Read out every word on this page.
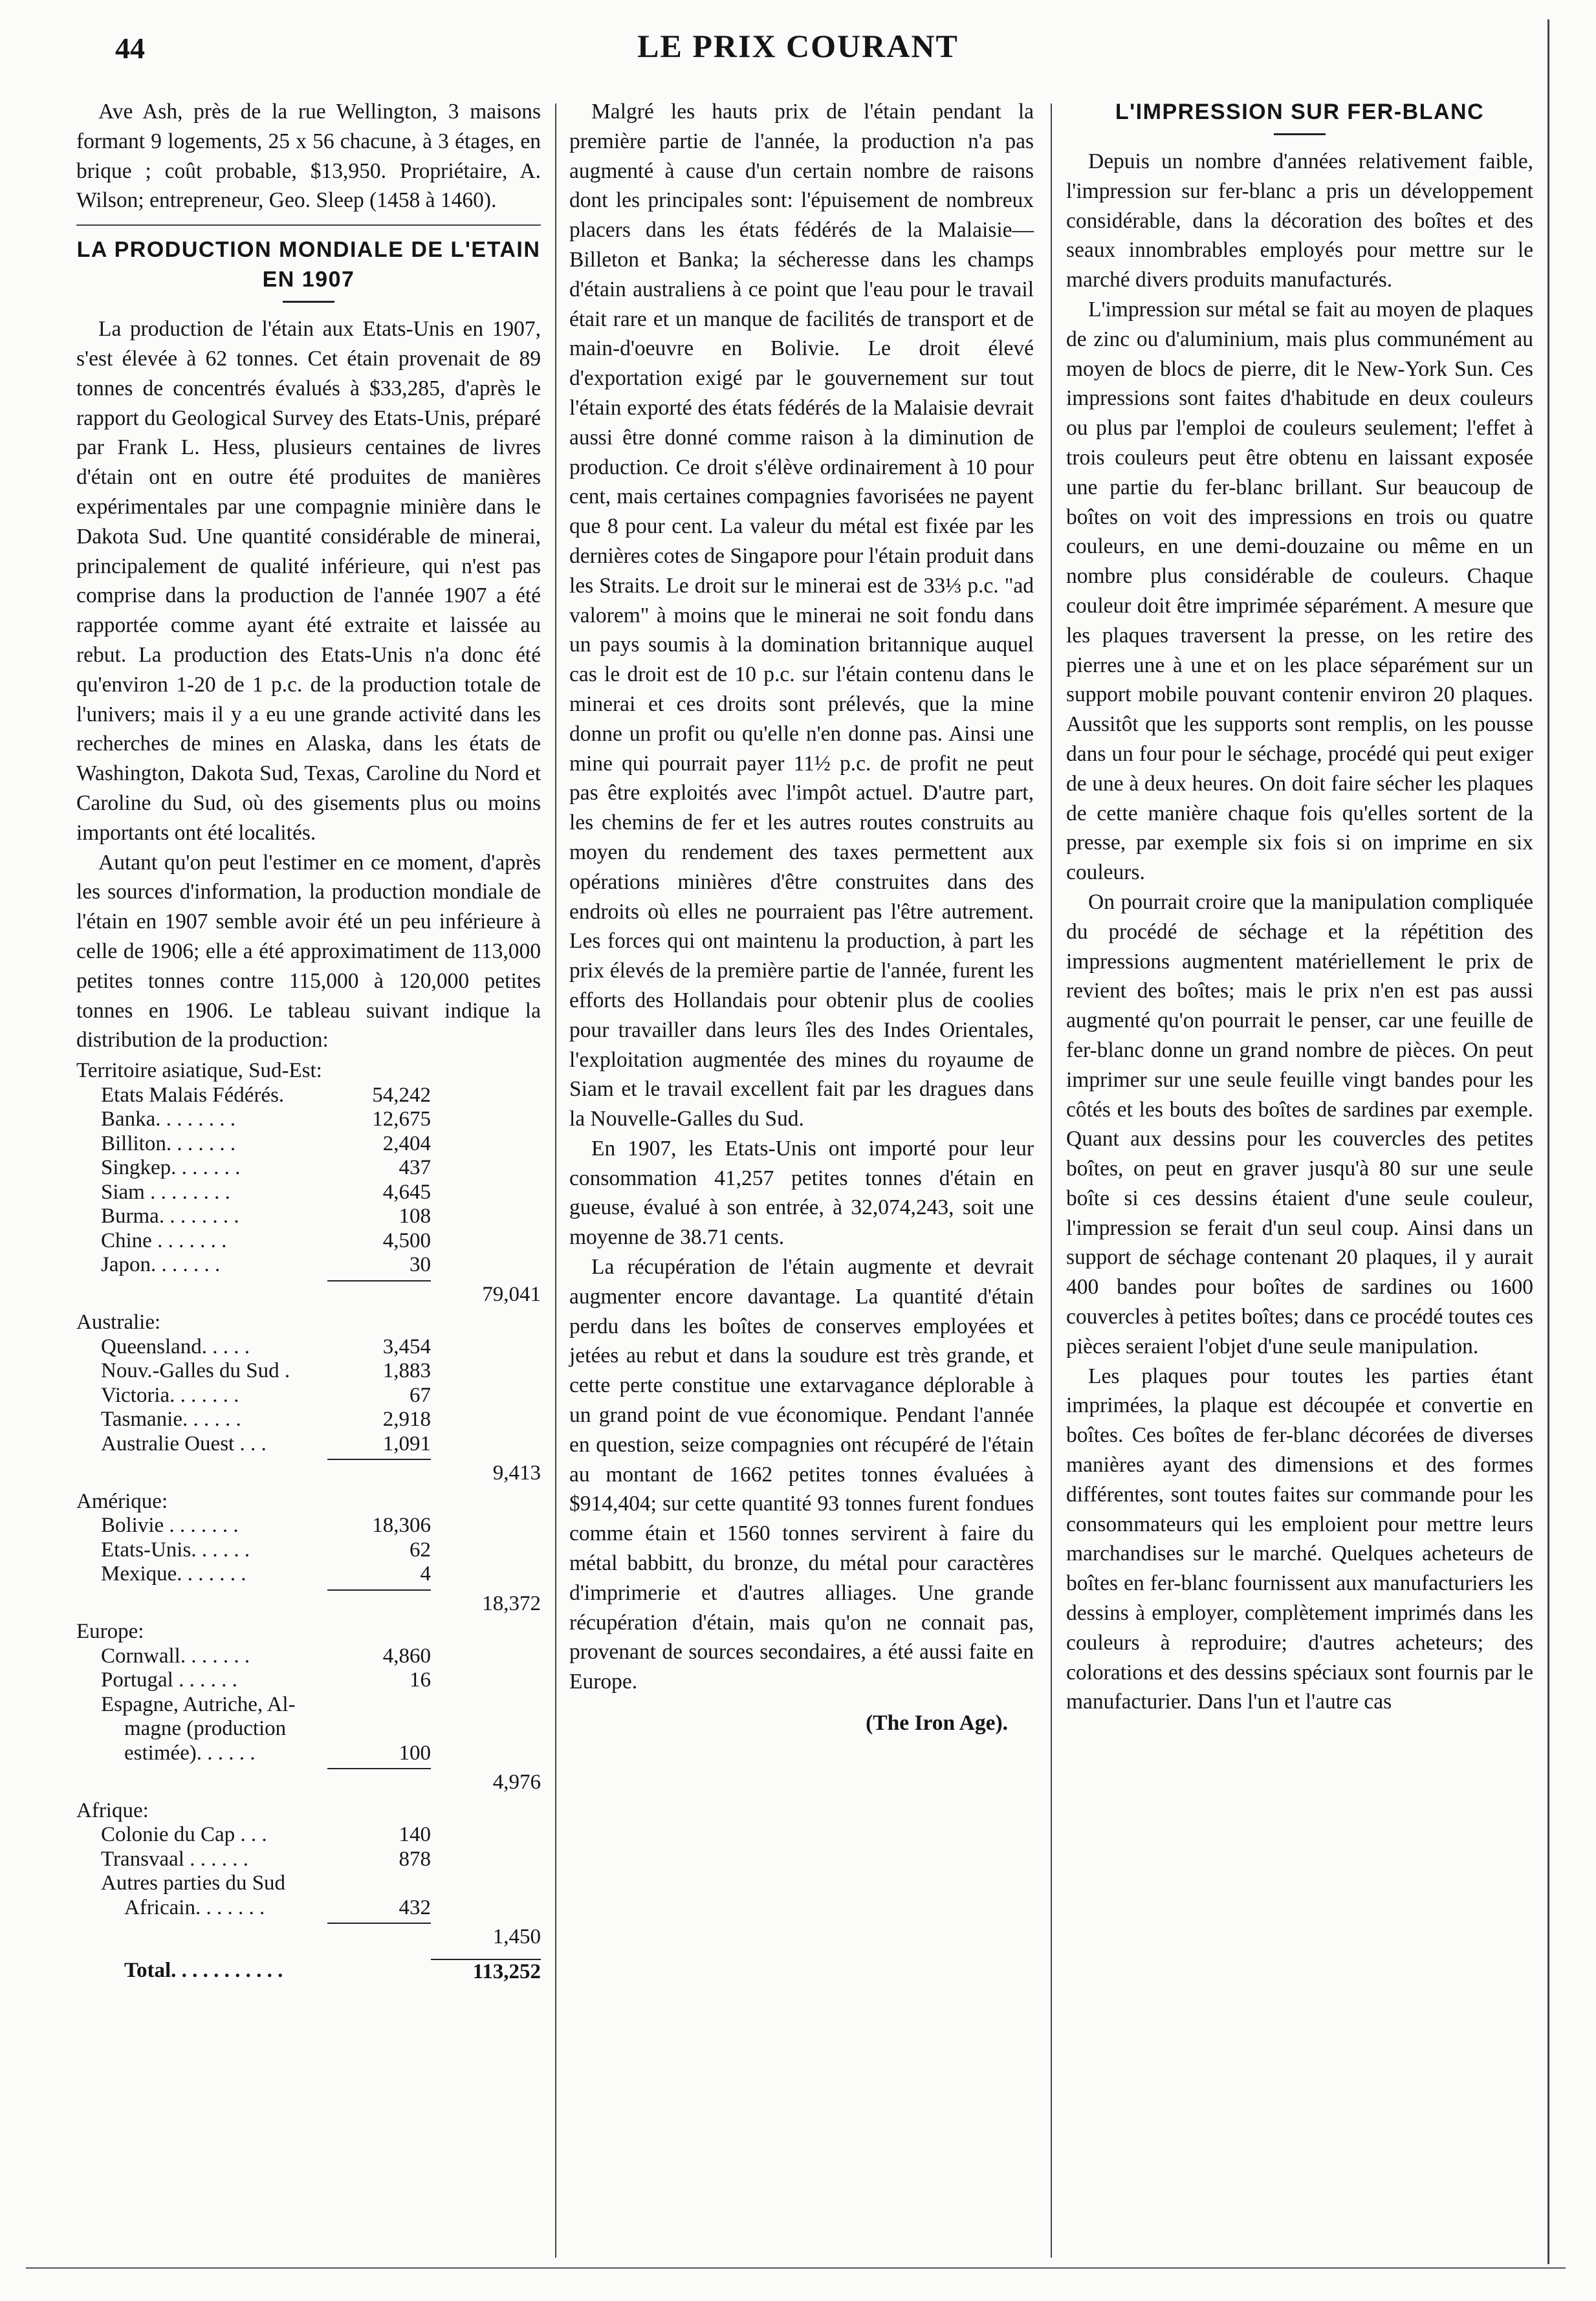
44	LE PRIX COURANT

Ave Ash, près de la rue Wellington, 3 maisons formant 9 logements, 25 x 56 chacune, à 3 étages, en brique ; coût probable, $13,950. Propriétaire, A. Wilson; entrepreneur, Geo. Sleep (1458 à 1460).

LA PRODUCTION MONDIALE DE L'ETAIN EN 1907

La production de l'étain aux Etats-Unis en 1907, s'est élevée à 62 tonnes. Cet étain provenait de 89 tonnes de concentrés évalués à $33,285, d'après le rapport du Geological Survey des Etats-Unis, préparé par Frank L. Hess, plusieurs centaines de livres d'étain ont en outre été produites de manières expérimentales par une compagnie minière dans le Dakota Sud. Une quantité considérable de minerai, principalement de qualité inférieure, qui n'est pas comprise dans la production de l'année 1907 a été rapportée comme ayant été extraite et laissée au rebut. La production des Etats-Unis n'a donc été qu'environ 1-20 de 1 p.c. de la production totale de l'univers; mais il y a eu une grande activité dans les recherches de mines en Alaska, dans les états de Washington, Dakota Sud, Texas, Caroline du Nord et Caroline du Sud, où des gisements plus ou moins importants ont été localités.

Autant qu'on peut l'estimer en ce moment, d'après les sources d'information, la production mondiale de l'étain en 1907 semble avoir été un peu inférieure à celle de 1906; elle a été approximatiment de 113,000 petites tonnes contre 115,000 à 120,000 petites tonnes en 1906. Le tableau suivant indique la distribution de la production:

Territoire asiatique, Sud-Est:
Etats Malais Fédérés.	54,242
Banka. . . . . . . .	12,675
Billiton. . . . . . .	2,404
Singkep. . . . . . .	437
Siam . . . . . . . .	4,645
Burma. . . . . . . .	108
Chine . . . . . . .	4,500
Japon. . . . . . .	30
79,041
Australie:
Queensland. . . . .	3,454
Nouv.-Galles du Sud .	1,883
Victoria. . . . . . .	67
Tasmanie. . . . . .	2,918
Australie Ouest . . .	1,091
9,413
Amérique:
Bolivie . . . . . . .	18,306
Etats-Unis. . . . . .	62
Mexique. . . . . . .	4
18,372
Europe:
Cornwall. . . . . . .	4,860
Portugal . . . . . .	16
Espagne, Autriche, Al-
magne (production
estimée). . . . . .	100
4,976
Afrique:
Colonie du Cap . . .	140
Transvaal . . . . . .	878
Autres parties du Sud
Africain. . . . . . .	432
1,450
Total. . . . . . . . . . .	113,252

Malgré les hauts prix de l'étain pendant la première partie de l'année, la production n'a pas augmenté à cause d'un certain nombre de raisons dont les principales sont: l'épuisement de nombreux placers dans les états fédérés de la Malaisie—Billeton et Banka; la sécheresse dans les champs d'étain australiens à ce point que l'eau pour le travail était rare et un manque de facilités de transport et de main-d'oeuvre en Bolivie. Le droit élevé d'exportation exigé par le gouvernement sur tout l'étain exporté des états fédérés de la Malaisie devrait aussi être donné comme raison à la diminution de production. Ce droit s'élève ordinairement à 10 pour cent, mais certaines compagnies favorisées ne payent que 8 pour cent. La valeur du métal est fixée par les dernières cotes de Singapore pour l'étain produit dans les Straits. Le droit sur le minerai est de 33⅓ p.c. "ad valorem" à moins que le minerai ne soit fondu dans un pays soumis à la domination britannique auquel cas le droit est de 10 p.c. sur l'étain contenu dans le minerai et ces droits sont prélevés, que la mine donne un profit ou qu'elle n'en donne pas. Ainsi une mine qui pourrait payer 11½ p.c. de profit ne peut pas être exploités avec l'impôt actuel. D'autre part, les chemins de fer et les autres routes construits au moyen du rendement des taxes permettent aux opérations minières d'être construites dans des endroits où elles ne pourraient pas l'être autrement. Les forces qui ont maintenu la production, à part les prix élevés de la première partie de l'année, furent les efforts des Hollandais pour obtenir plus de coolies pour travailler dans leurs îles des Indes Orientales, l'exploitation augmentée des mines du royaume de Siam et le travail excellent fait par les dragues dans la Nouvelle-Galles du Sud.

En 1907, les Etats-Unis ont importé pour leur consommation 41,257 petites tonnes d'étain en gueuse, évalué à son entrée, à 32,074,243, soit une moyenne de 38.71 cents.

La récupération de l'étain augmente et devrait augmenter encore davantage. La quantité d'étain perdu dans les boîtes de conserves employées et jetées au rebut et dans la soudure est très grande, et cette perte constitue une extarvagance déplorable à un grand point de vue économique. Pendant l'année en question, seize compagnies ont récupéré de l'étain au montant de 1662 petites tonnes évaluées à $914,404; sur cette quantité 93 tonnes furent fondues comme étain et 1560 tonnes servirent à faire du métal babbitt, du bronze, du métal pour caractères d'imprimerie et d'autres alliages. Une grande récupération d'étain, mais qu'on ne connait pas, provenant de sources secondaires, a été aussi faite en Europe.

(The Iron Age).
L'IMPRESSION SUR FER-BLANC

Depuis un nombre d'années relativement faible, l'impression sur fer-blanc a pris un développement considérable, dans la décoration des boîtes et des seaux innombrables employés pour mettre sur le marché divers produits manufacturés.

L'impression sur métal se fait au moyen de plaques de zinc ou d'aluminium, mais plus communément au moyen de blocs de pierre, dit le New-York Sun. Ces impressions sont faites d'habitude en deux couleurs ou plus par l'emploi de couleurs seulement; l'effet à trois couleurs peut être obtenu en laissant exposée une partie du fer-blanc brillant. Sur beaucoup de boîtes on voit des impressions en trois ou quatre couleurs, en une demi-douzaine ou même en un nombre plus considérable de couleurs. Chaque couleur doit être imprimée séparément. A mesure que les plaques traversent la presse, on les retire des pierres une à une et on les place séparément sur un support mobile pouvant contenir environ 20 plaques. Aussitôt que les supports sont remplis, on les pousse dans un four pour le séchage, procédé qui peut exiger de une à deux heures. On doit faire sécher les plaques de cette manière chaque fois qu'elles sortent de la presse, par exemple six fois si on imprime en six couleurs.

On pourrait croire que la manipulation compliquée du procédé de séchage et la répétition des impressions augmentent matériellement le prix de revient des boîtes; mais le prix n'en est pas aussi augmenté qu'on pourrait le penser, car une feuille de fer-blanc donne un grand nombre de pièces. On peut imprimer sur une seule feuille vingt bandes pour les côtés et les bouts des boîtes de sardines par exemple. Quant aux dessins pour les couvercles des petites boîtes, on peut en graver jusqu'à 80 sur une seule boîte si ces dessins étaient d'une seule couleur, l'impression se ferait d'un seul coup. Ainsi dans un support de séchage contenant 20 plaques, il y aurait 400 bandes pour boîtes de sardines ou 1600 couvercles à petites boîtes; dans ce procédé toutes ces pièces seraient l'objet d'une seule manipulation.

Les plaques pour toutes les parties étant imprimées, la plaque est découpée et convertie en boîtes. Ces boîtes de fer-blanc décorées de diverses manières ayant des dimensions et des formes différentes, sont toutes faites sur commande pour les consommateurs qui les emploient pour mettre leurs marchandises sur le marché. Quelques acheteurs de boîtes en fer-blanc fournissent aux manufacturiers les dessins à employer, complètement imprimés dans les couleurs à reproduire; d'autres acheteurs; des colorations et des dessins spéciaux sont fournis par le manufacturier. Dans l'un et l'autre cas
